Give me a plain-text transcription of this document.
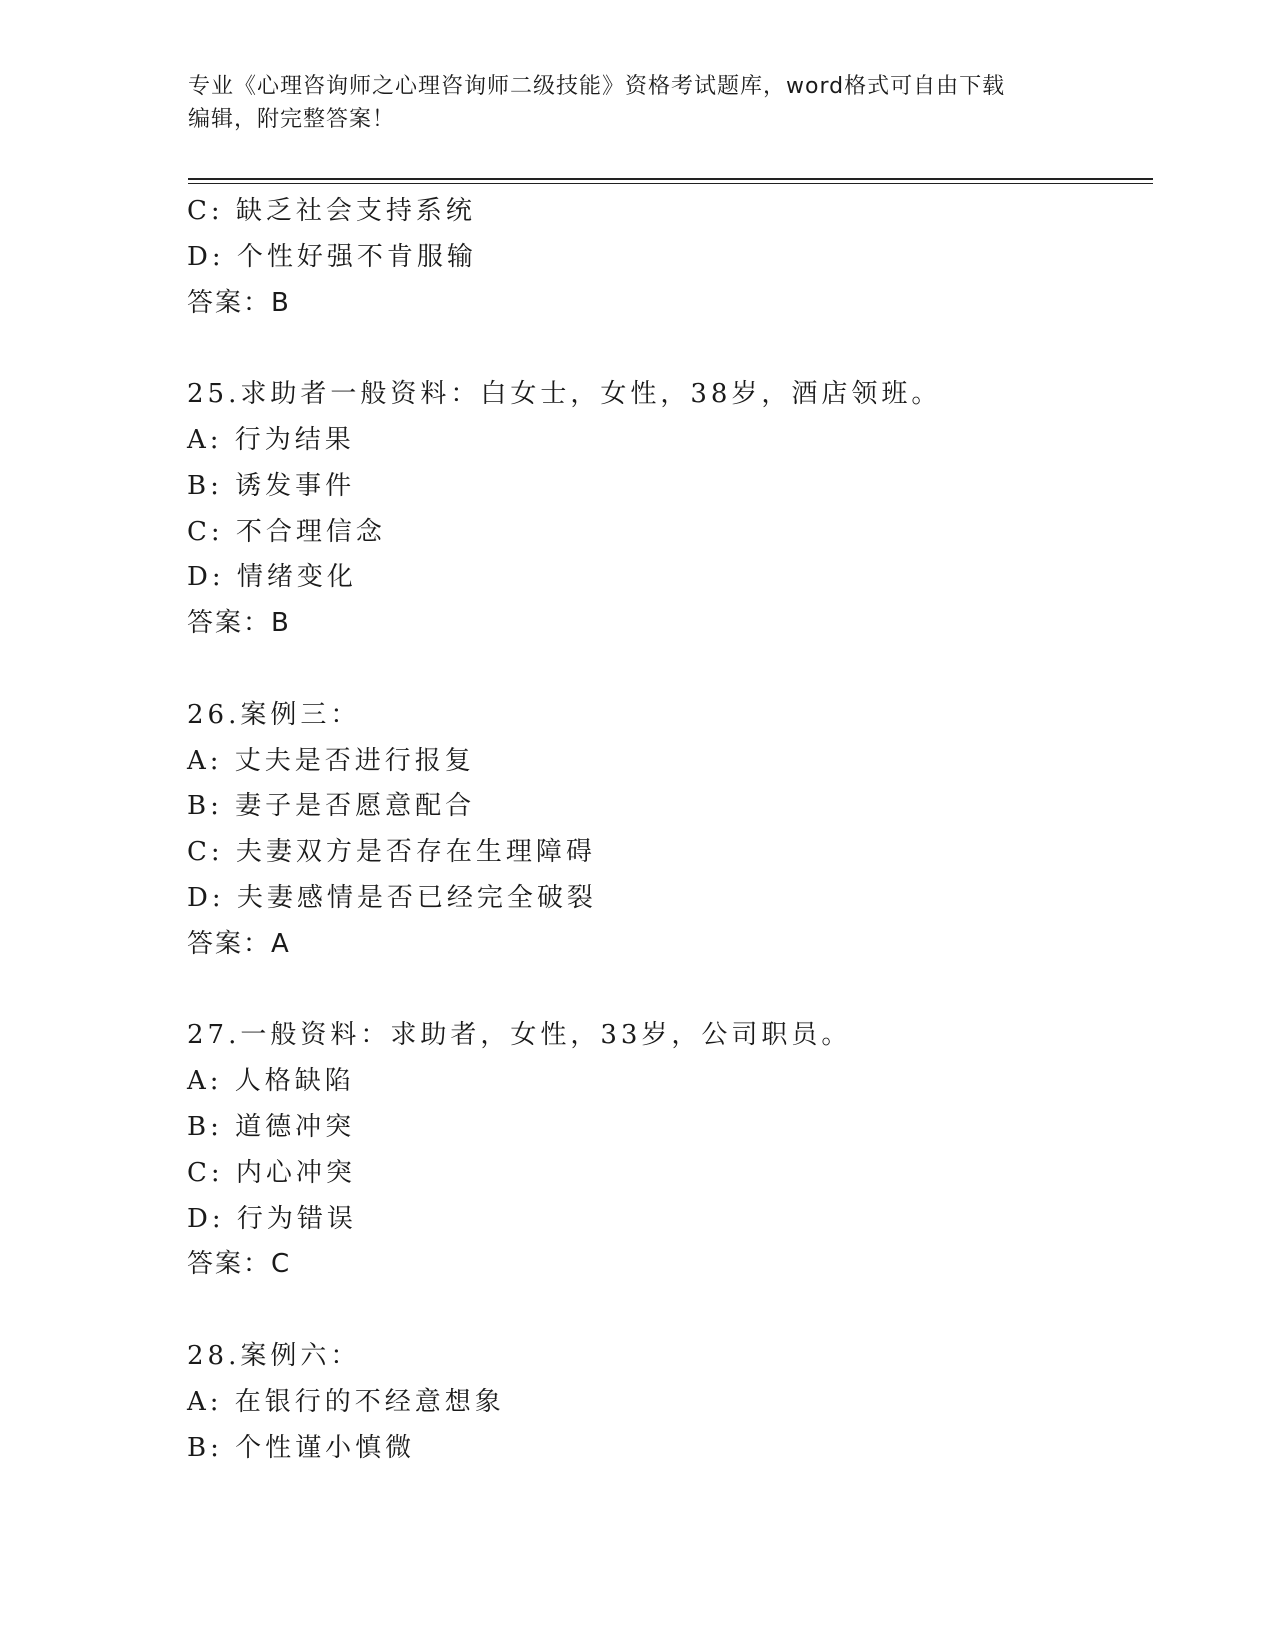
专业《心理咨询师之心理咨询师二级技能》资格考试题库，word格式可自由下载
编辑，附完整答案！
C: 缺乏社会支持系统
D: 个性好强不肯服输
答案：B
25.求助者一般资料：白女士，女性，38岁，酒店领班。
A: 行为结果
B: 诱发事件
C: 不合理信念
D: 情绪变化
答案：B
26.案例三：
A: 丈夫是否进行报复
B: 妻子是否愿意配合
C: 夫妻双方是否存在生理障碍
D: 夫妻感情是否已经完全破裂
答案：A
27.一般资料：求助者，女性，33岁，公司职员。
A: 人格缺陷
B: 道德冲突
C: 内心冲突
D: 行为错误
答案：C
28.案例六：
A: 在银行的不经意想象
B: 个性谨小慎微
